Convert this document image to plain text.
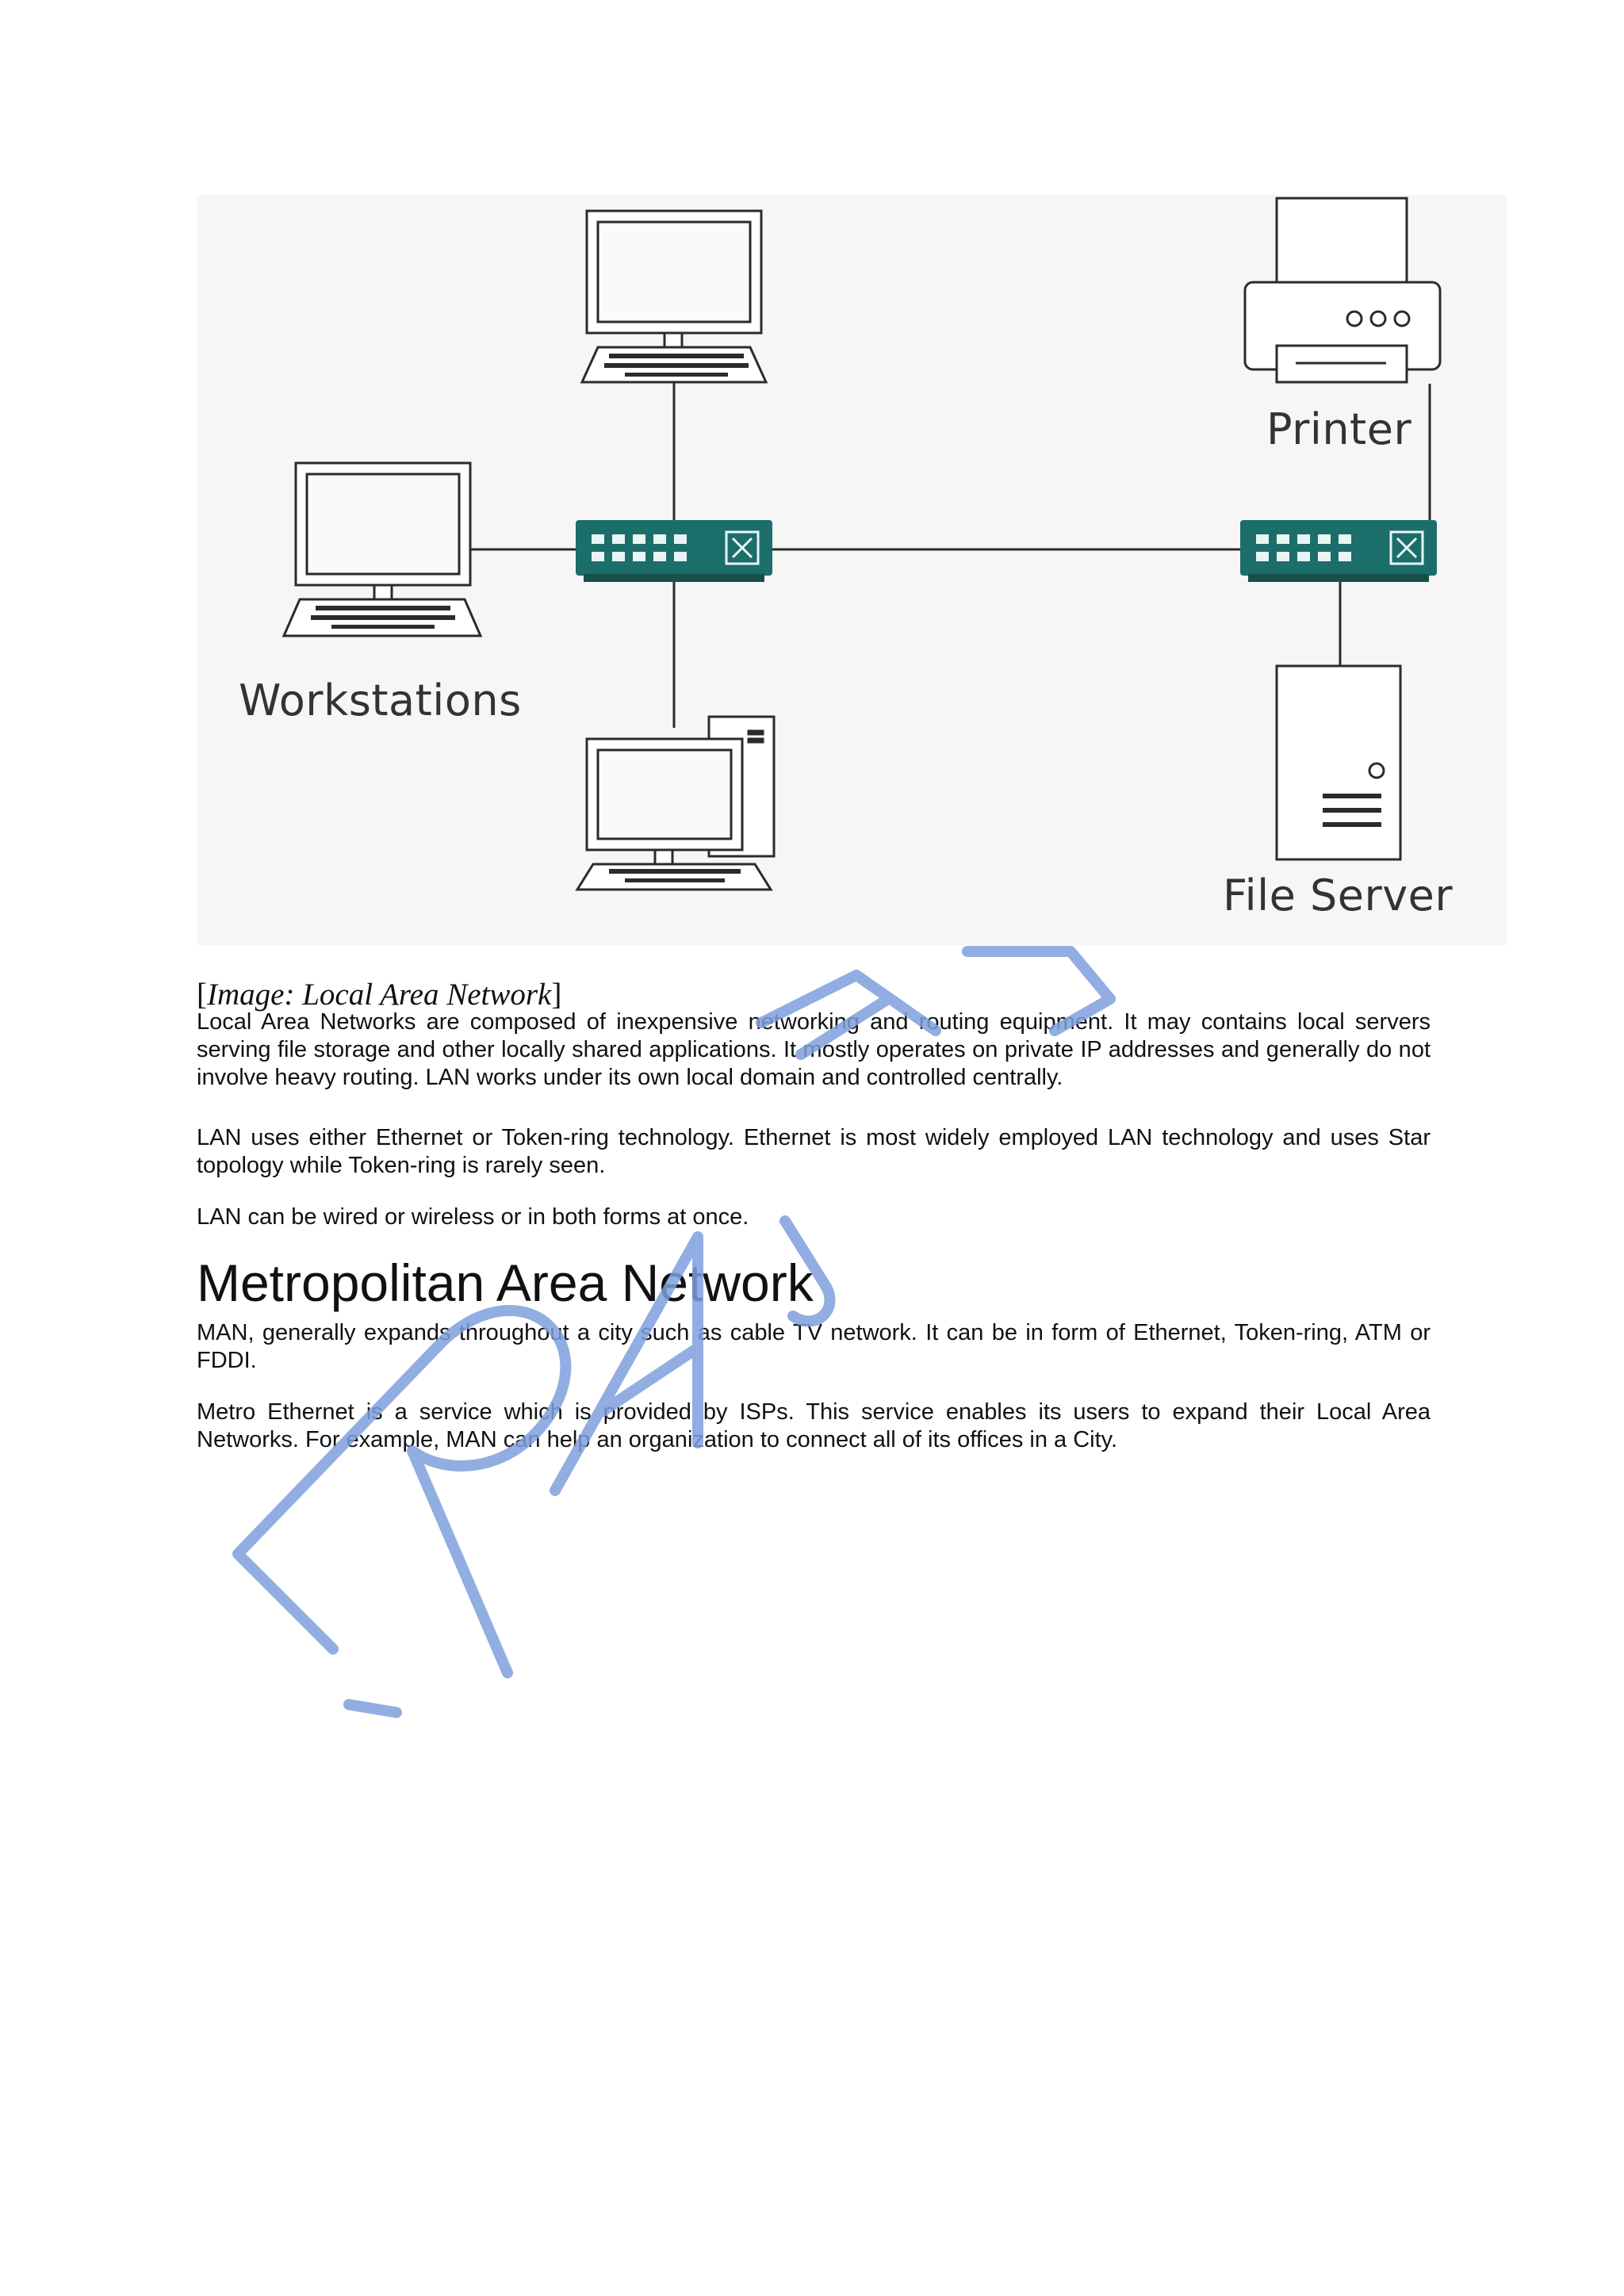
Workstations
Printer
File Server
[Image: Local Area Network]

Local Area Networks are composed of inexpensive networking and routing equipment. It may contains local servers serving file storage and other locally shared applications. It mostly operates on private IP addresses and generally do not involve heavy routing. LAN works under its own local domain and controlled centrally.

LAN uses either Ethernet or Token-ring technology. Ethernet is most widely employed LAN technology and uses Star topology while Token-ring is rarely seen.

LAN can be wired or wireless or in both forms at once.

Metropolitan Area Network

MAN, generally expands throughout a city such as cable TV network. It can be in form of Ethernet, Token-ring, ATM or FDDI.

Metro Ethernet is a service which is provided by ISPs. This service enables its users to expand their Local Area Networks. For example, MAN can help an organization to connect all of its offices in a City.
